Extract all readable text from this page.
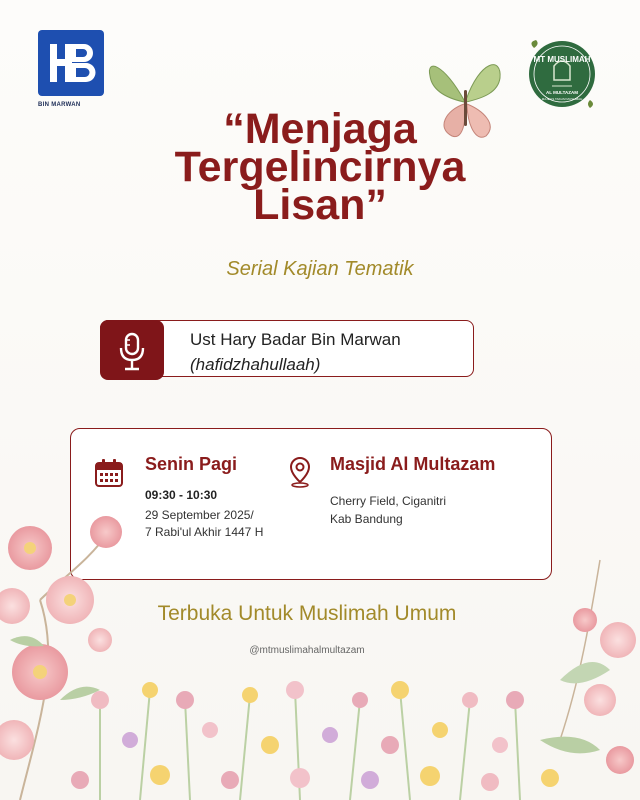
BIN MARWAN
MT MUSLIMAH
AL MULTAZAM
MAJELIS TAKLIM MUSLIMAH
“Menjaga
Tergelincirnya
Lisan”
Serial Kajian Tematik
Ust Hary Badar Bin Marwan
(hafidzhahullaah)
Senin Pagi
09:30 - 10:30
29 September 2025/
7 Rabi'ul Akhir 1447 H
Masjid Al Multazam
Cherry Field, Ciganitri
Kab Bandung
Terbuka Untuk Muslimah Umum
@mtmuslimahalmultazam
